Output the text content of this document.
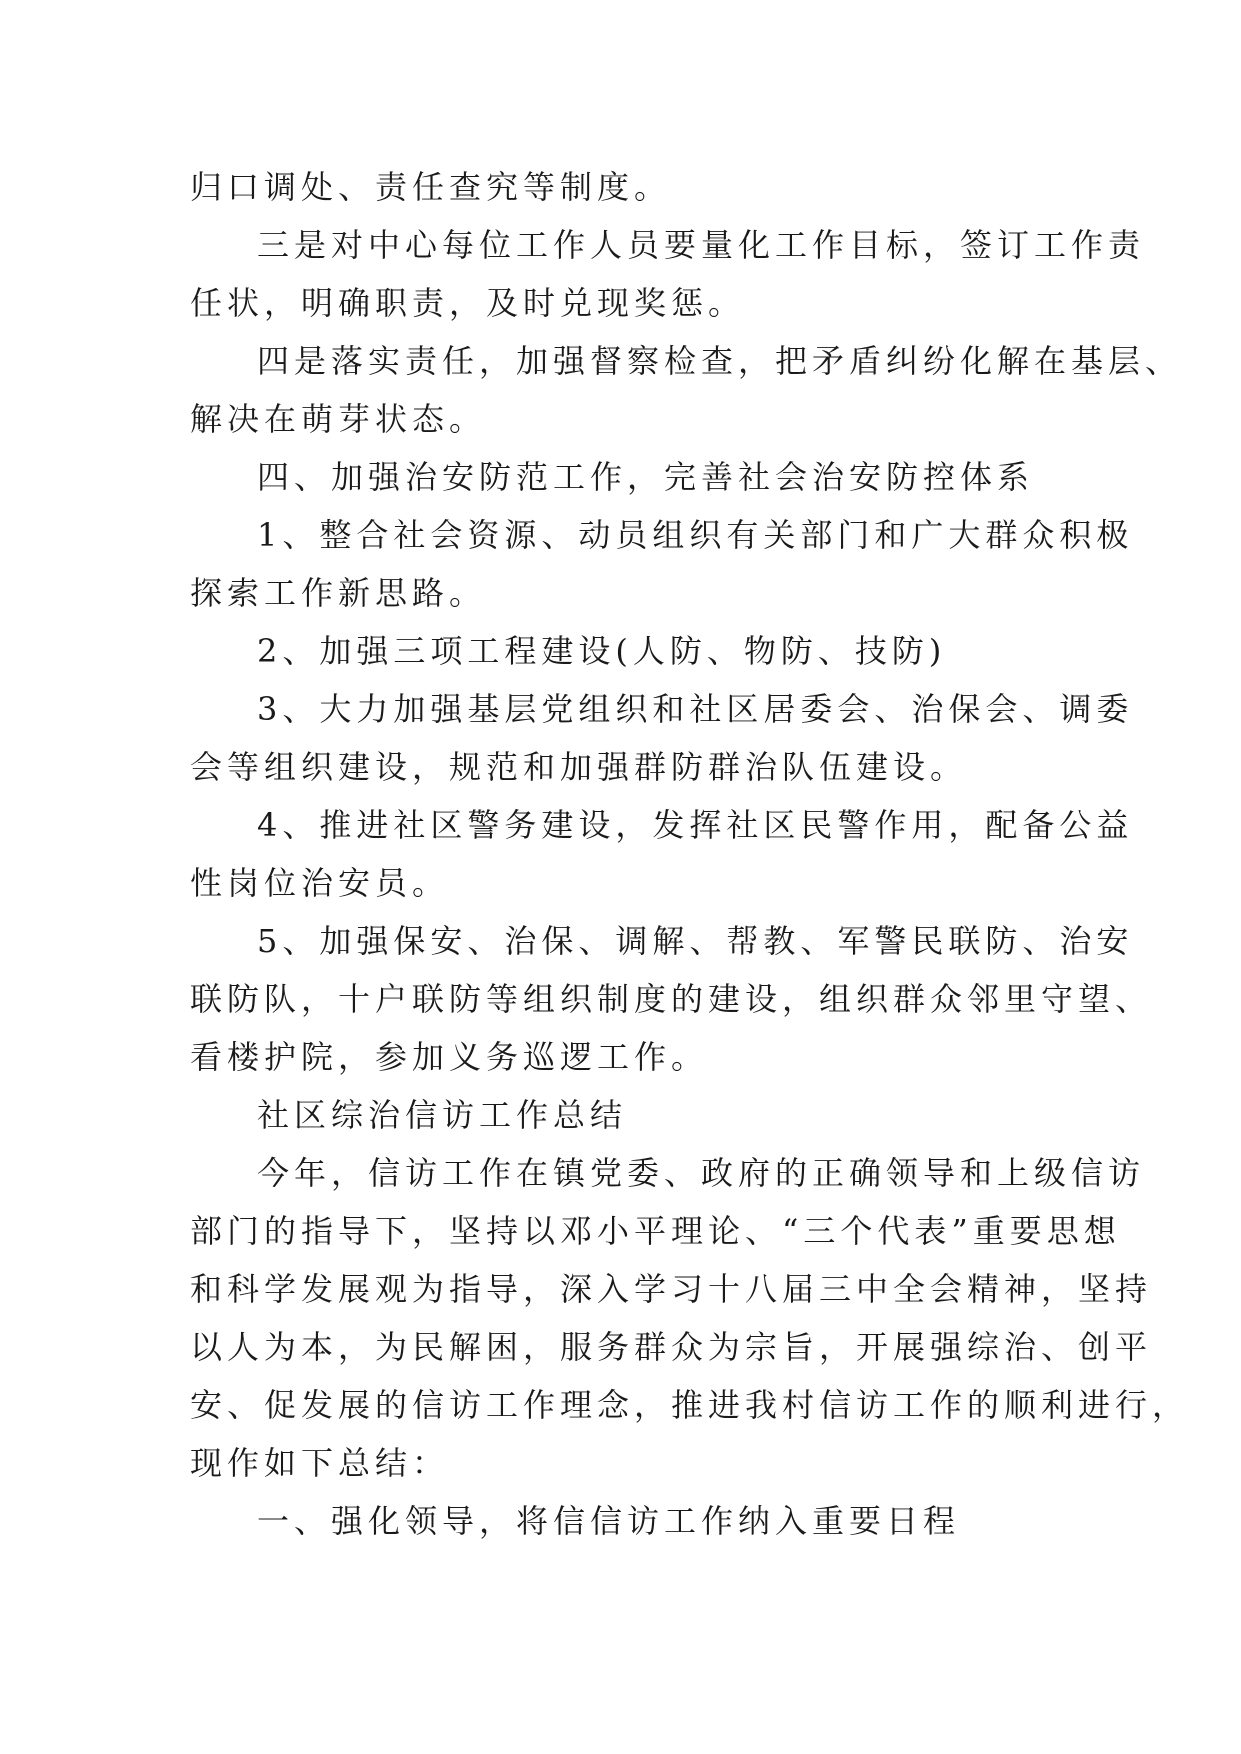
归口调处、责任查究等制度。
三是对中心每位工作人员要量化工作目标，签订工作责
任状，明确职责，及时兑现奖惩。
四是落实责任，加强督察检查，把矛盾纠纷化解在基层、
解决在萌芽状态。
四、加强治安防范工作，完善社会治安防控体系
1、整合社会资源、动员组织有关部门和广大群众积极
探索工作新思路。
2、加强三项工程建设(人防、物防、技防)
3、大力加强基层党组织和社区居委会、治保会、调委
会等组织建设，规范和加强群防群治队伍建设。
4、推进社区警务建设，发挥社区民警作用，配备公益
性岗位治安员。
5、加强保安、治保、调解、帮教、军警民联防、治安
联防队，十户联防等组织制度的建设，组织群众邻里守望、
看楼护院，参加义务巡逻工作。
社区综治信访工作总结
今年，信访工作在镇党委、政府的正确领导和上级信访
部门的指导下，坚持以邓小平理论、“三个代表”重要思想
和科学发展观为指导，深入学习十八届三中全会精神，坚持
以人为本，为民解困，服务群众为宗旨，开展强综治、创平
安、促发展的信访工作理念，推进我村信访工作的顺利进行，
现作如下总结：
一、强化领导，将信信访工作纳入重要日程
